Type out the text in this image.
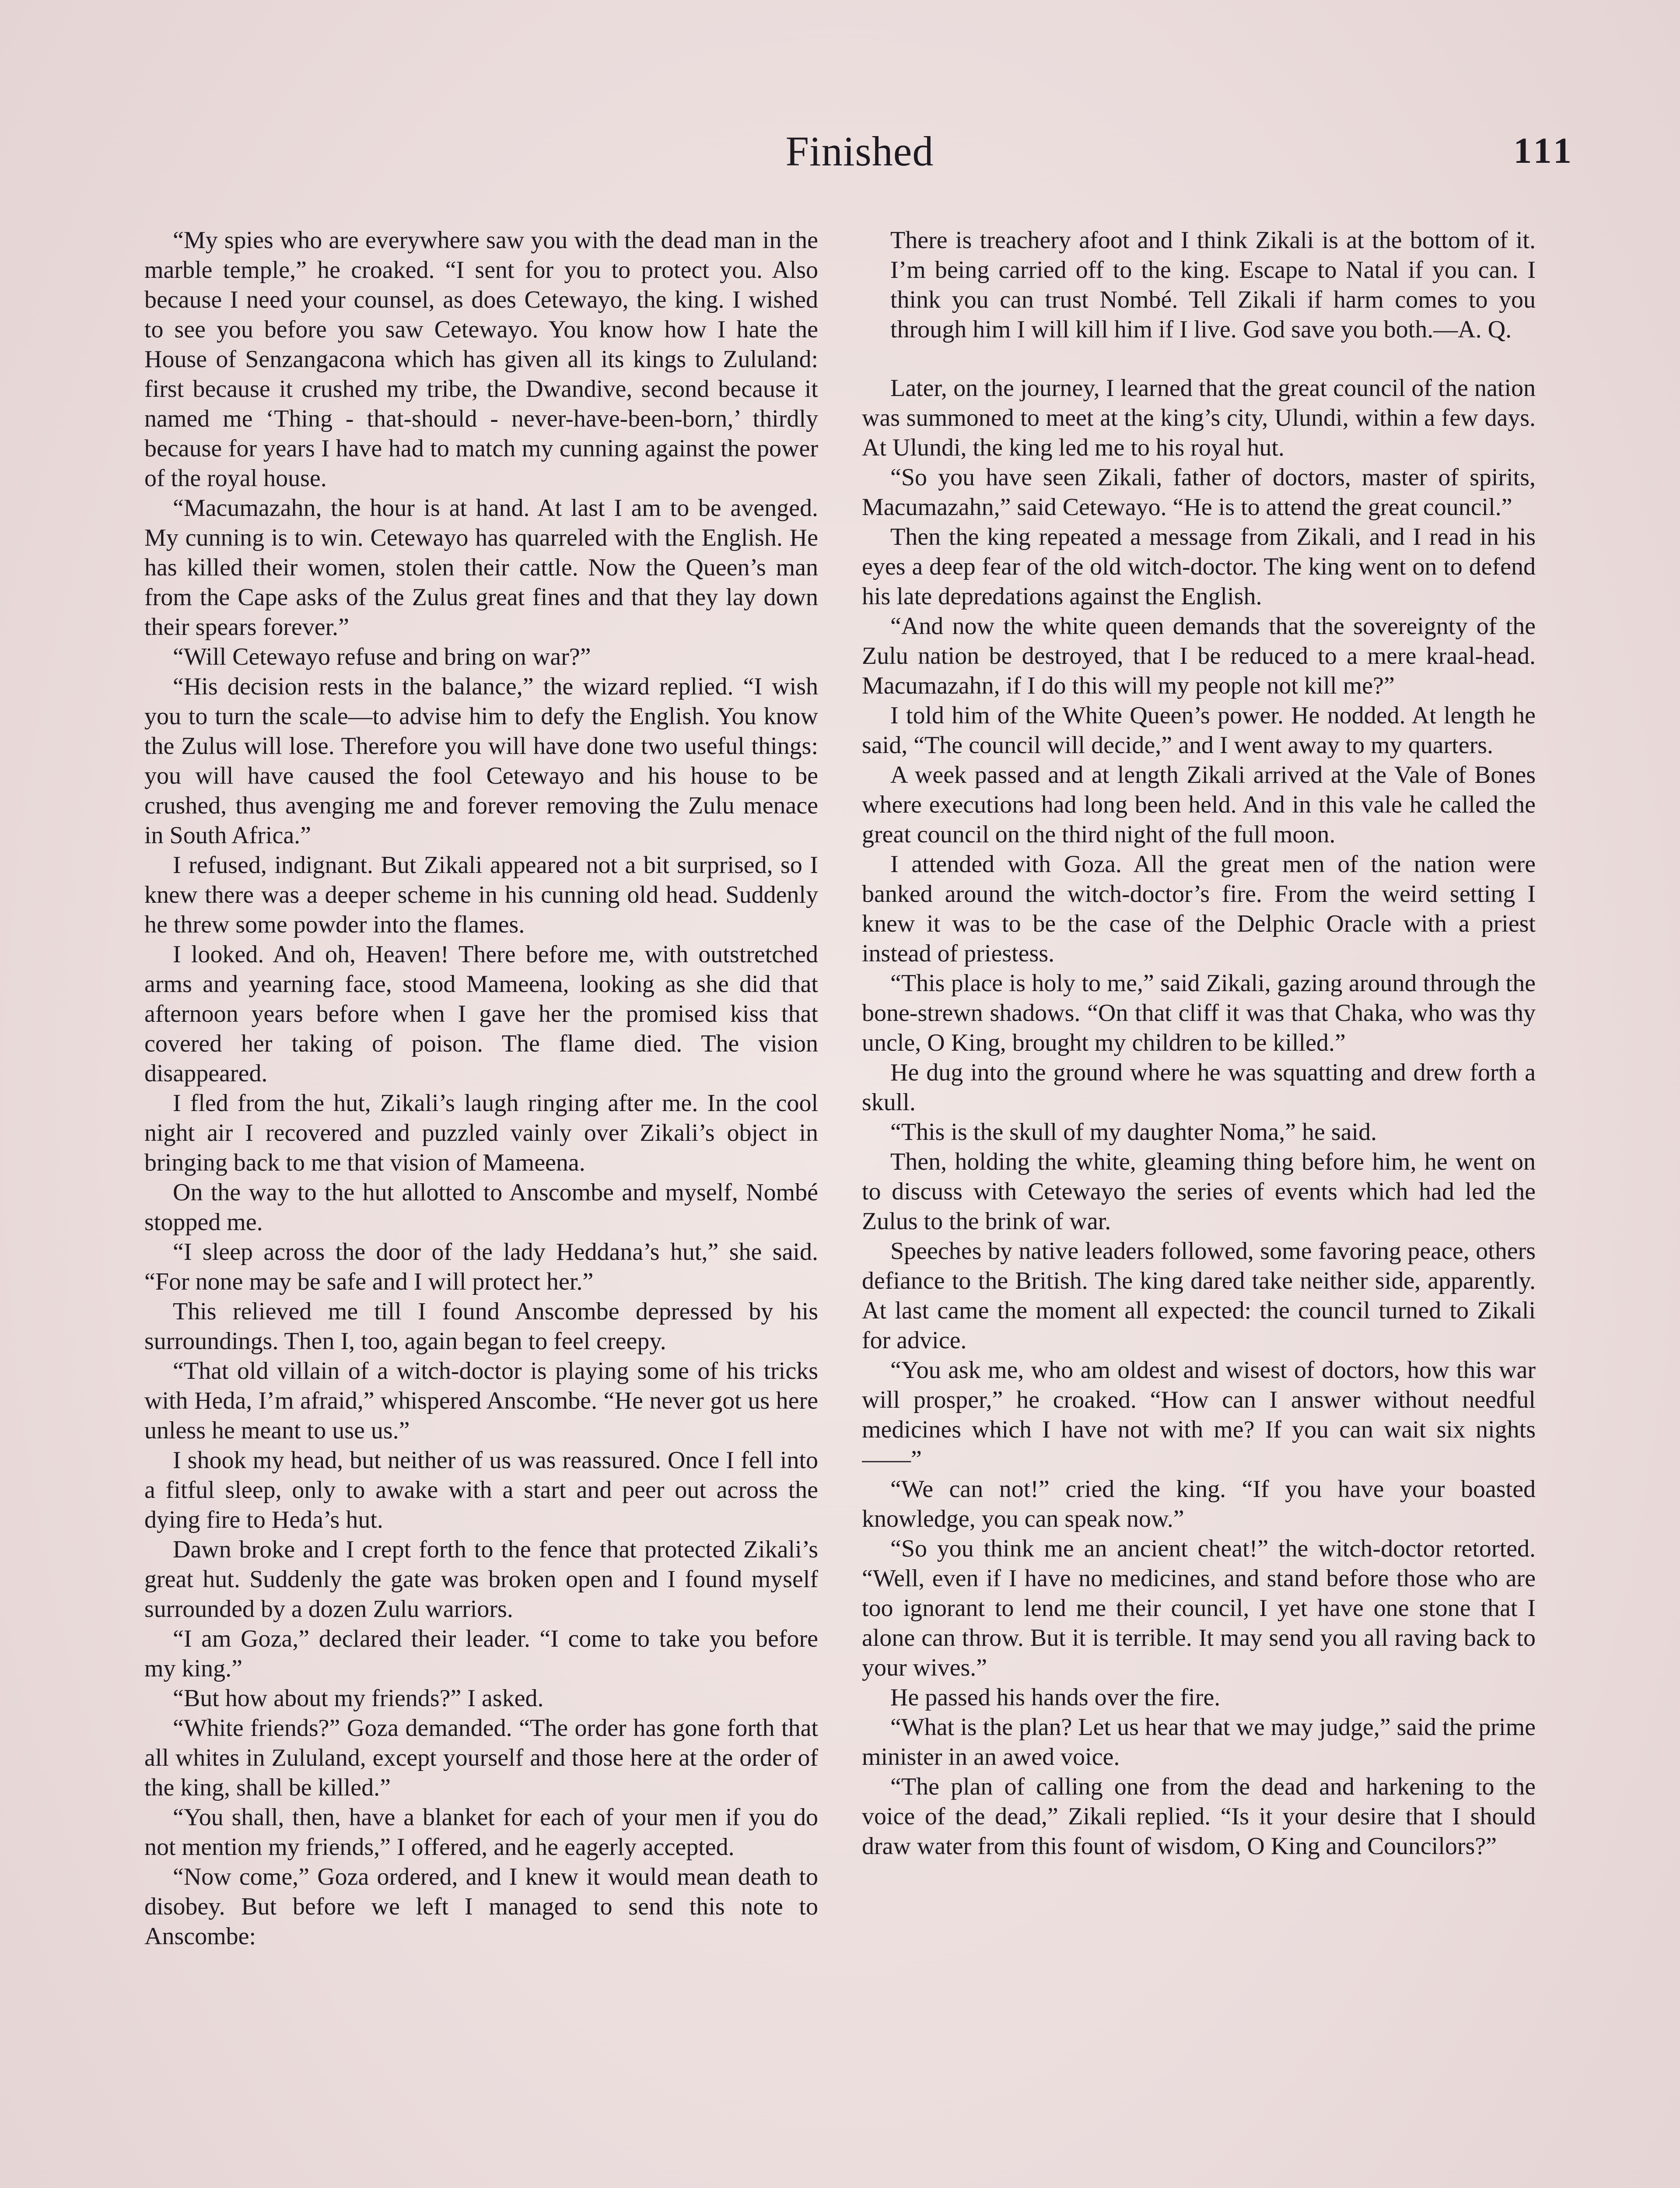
Finished	111

“My spies who are everywhere saw you with the dead man in the marble temple,” he croaked. “I sent for you to protect you. Also because I need your counsel, as does Cetewayo, the king. I wished to see you before you saw Cetewayo. You know how I hate the House of Senzangacona which has given all its kings to Zululand: first because it crushed my tribe, the Dwandive, second because it named me ‘Thing - that-should - never-have-been-born,’ thirdly because for years I have had to match my cunning against the power of the royal house.

“Macumazahn, the hour is at hand. At last I am to be avenged. My cunning is to win. Cetewayo has quarreled with the English. He has killed their women, stolen their cattle. Now the Queen’s man from the Cape asks of the Zulus great fines and that they lay down their spears forever.”

“Will Cetewayo refuse and bring on war?”

“His decision rests in the balance,” the wizard replied. “I wish you to turn the scale—to advise him to defy the English. You know the Zulus will lose. Therefore you will have done two useful things: you will have caused the fool Cetewayo and his house to be crushed, thus avenging me and forever removing the Zulu menace in South Africa.”

I refused, indignant. But Zikali appeared not a bit surprised, so I knew there was a deeper scheme in his cunning old head. Suddenly he threw some powder into the flames.

I looked. And oh, Heaven! There before me, with outstretched arms and yearning face, stood Mameena, looking as she did that afternoon years before when I gave her the promised kiss that covered her taking of poison. The flame died. The vision disappeared.

I fled from the hut, Zikali’s laugh ringing after me. In the cool night air I recovered and puzzled vainly over Zikali’s object in bringing back to me that vision of Mameena.

On the way to the hut allotted to Anscombe and myself, Nombé stopped me.

“I sleep across the door of the lady Heddana’s hut,” she said. “For none may be safe and I will protect her.”

This relieved me till I found Anscombe depressed by his surroundings. Then I, too, again began to feel creepy.

“That old villain of a witch-doctor is playing some of his tricks with Heda, I’m afraid,” whispered Anscombe. “He never got us here unless he meant to use us.”

I shook my head, but neither of us was reassured. Once I fell into a fitful sleep, only to awake with a start and peer out across the dying fire to Heda’s hut.

Dawn broke and I crept forth to the fence that protected Zikali’s great hut. Suddenly the gate was broken open and I found myself surrounded by a dozen Zulu warriors.

“I am Goza,” declared their leader. “I come to take you before my king.”

“But how about my friends?” I asked.

“White friends?” Goza demanded. “The order has gone forth that all whites in Zululand, except yourself and those here at the order of the king, shall be killed.”

“You shall, then, have a blanket for each of your men if you do not mention my friends,” I offered, and he eagerly accepted.

“Now come,” Goza ordered, and I knew it would mean death to disobey. But before we left I managed to send this note to Anscombe:

There is treachery afoot and I think Zikali is at the bottom of it. I’m being carried off to the king. Escape to Natal if you can. I think you can trust Nombé. Tell Zikali if harm comes to you through him I will kill him if I live. God save you both.—A. Q.

Later, on the journey, I learned that the great council of the nation was summoned to meet at the king’s city, Ulundi, within a few days. At Ulundi, the king led me to his royal hut.

“So you have seen Zikali, father of doctors, master of spirits, Macumazahn,” said Cetewayo. “He is to attend the great council.”

Then the king repeated a message from Zikali, and I read in his eyes a deep fear of the old witch-doctor. The king went on to defend his late depredations against the English.

“And now the white queen demands that the sovereignty of the Zulu nation be destroyed, that I be reduced to a mere kraal-head. Macumazahn, if I do this will my people not kill me?”

I told him of the White Queen’s power. He nodded. At length he said, “The council will decide,” and I went away to my quarters.

A week passed and at length Zikali arrived at the Vale of Bones where executions had long been held. And in this vale he called the great council on the third night of the full moon.

I attended with Goza. All the great men of the nation were banked around the witch-doctor’s fire. From the weird setting I knew it was to be the case of the Delphic Oracle with a priest instead of priestess.

“This place is holy to me,” said Zikali, gazing around through the bone-strewn shadows. “On that cliff it was that Chaka, who was thy uncle, O King, brought my children to be killed.”

He dug into the ground where he was squatting and drew forth a skull.

“This is the skull of my daughter Noma,” he said.

Then, holding the white, gleaming thing before him, he went on to discuss with Cetewayo the series of events which had led the Zulus to the brink of war.

Speeches by native leaders followed, some favoring peace, others defiance to the British. The king dared take neither side, apparently. At last came the moment all expected: the council turned to Zikali for advice.

“You ask me, who am oldest and wisest of doctors, how this war will prosper,” he croaked. “How can I answer without needful medicines which I have not with me? If you can wait six nights——”

“We can not!” cried the king. “If you have your boasted knowledge, you can speak now.”

“So you think me an ancient cheat!” the witch-doctor retorted. “Well, even if I have no medicines, and stand before those who are too ignorant to lend me their council, I yet have one stone that I alone can throw. But it is terrible. It may send you all raving back to your wives.”

He passed his hands over the fire.

“What is the plan? Let us hear that we may judge,” said the prime minister in an awed voice.

“The plan of calling one from the dead and harkening to the voice of the dead,” Zikali replied. “Is it your desire that I should draw water from this fount of wisdom, O King and Councilors?”
